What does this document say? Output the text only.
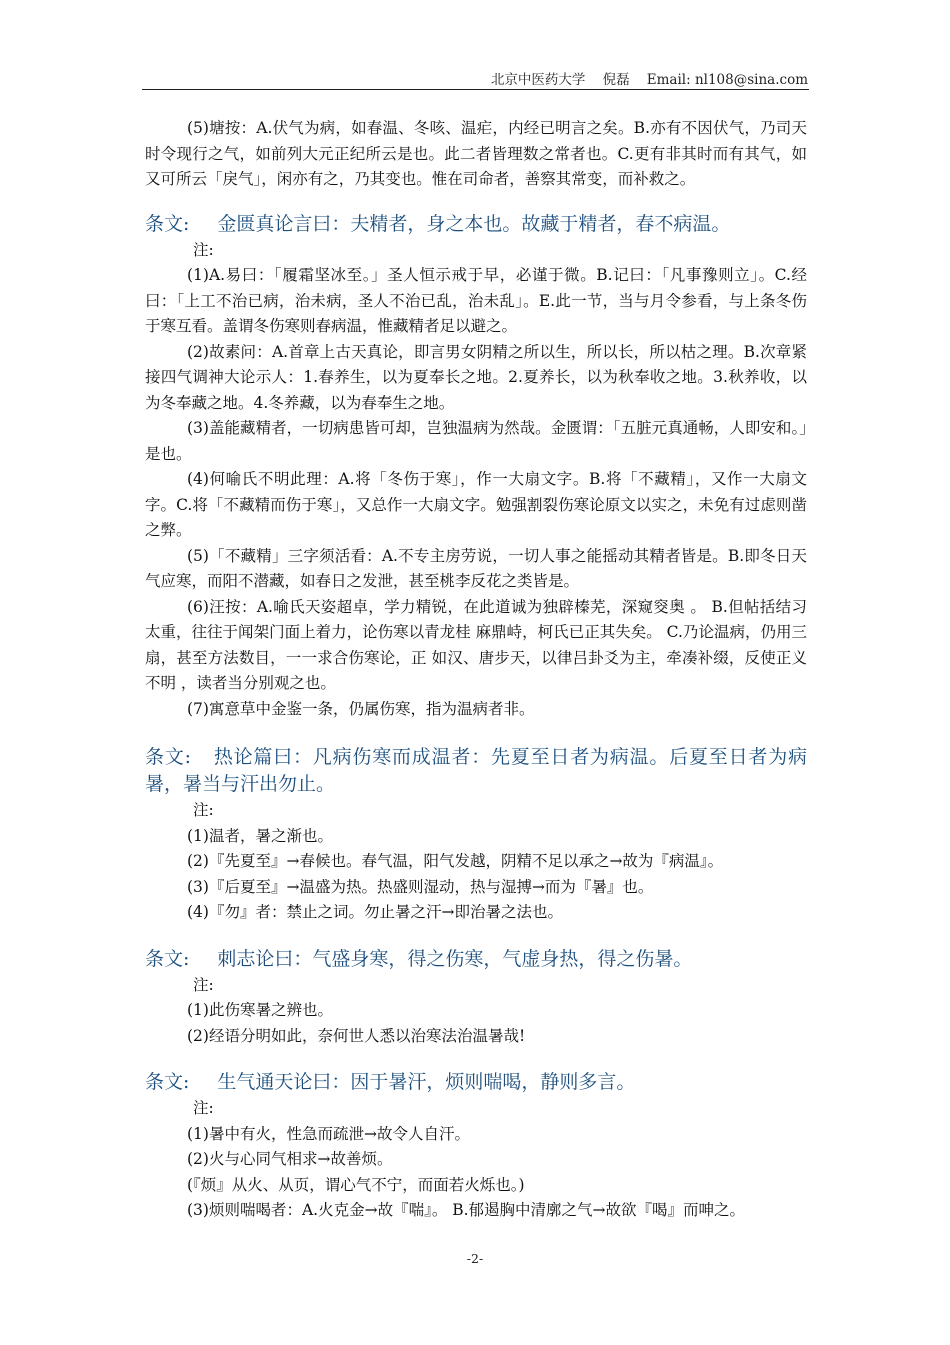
北京中医药大学    倪磊    Email: nl108@sina.com

(5)塘按：A.伏气为病，如春温、冬咳、温疟，内经已明言之矣。B.亦有不因伏气，乃司天时令现行之气，如前列大元正纪所云是也。此二者皆理数之常者也。C.更有非其时而有其气，如又可所云「戾气」，闲亦有之，乃其变也。惟在司命者，善察其常变，而补救之。

条文: 金匮真论言曰：夫精者，身之本也。故藏于精者，春不病温。

注:

(1)A.易曰：「履霜坚冰至。」圣人恒示戒于早，必谨于微。B.记曰：「凡事豫则立」。C.经曰：「上工不治已病，治未病，圣人不治已乱，治未乱」。E.此一节，当与月令参看，与上条冬伤于寒互看。盖谓冬伤寒则春病温，惟藏精者足以避之。

(2)故素问：A.首章上古天真论，即言男女阴精之所以生，所以长，所以枯之理。B.次章紧接四气调神大论示人：1.春养生，以为夏奉长之地。2.夏养长，以为秋奉收之地。3.秋养收，以为冬奉藏之地。4.冬养藏，以为春奉生之地。

(3)盖能藏精者，一切病患皆可却，岂独温病为然哉。金匮谓：「五脏元真通畅，人即安和。」是也。

(4)何喻氏不明此理：A.将「冬伤于寒」，作一大扇文字。B.将「不藏精」，又作一大扇文字。C.将「不藏精而伤于寒」，又总作一大扇文字。勉强割裂伤寒论原文以实之，未免有过虑则凿之弊。

(5)「不藏精」三字须活看：A.不专主房劳说，一切人事之能摇动其精者皆是。B.即冬日天气应寒，而阳不潜藏，如春日之发泄，甚至桃李反花之类皆是。

(6)汪按：A.喻氏天姿超卓，学力精锐，在此道诚为独辟榛芜，深窥窔奥 。 B.但帖括结习太重，往往于闻架门面上着力，论伤寒以青龙桂 麻鼎峙，柯氏已正其失矣。 C.乃论温病，仍用三扇，甚至方法数目，一一求合伤寒论，正 如汉、唐步天，以律吕卦爻为主，牵凑补缀，反使正义不明 ，读者当分别观之也。

(7)寓意草中金鉴一条，仍属伤寒，指为温病者非。

条文: 热论篇曰：凡病伤寒而成温者：先夏至日者为病温。后夏至日者为病暑，暑当与汗出勿止。

注:

(1)温者，暑之渐也。

(2)『先夏至』→春候也。春气温，阳气发越，阴精不足以承之→故为『病温』。

(3)『后夏至』→温盛为热。热盛则湿动，热与湿搏→而为『暑』也。

(4)『勿』者：禁止之词。勿止暑之汗→即治暑之法也。

条文: 刺志论曰：气盛身寒，得之伤寒，气虚身热，得之伤暑。

注:

(1)此伤寒暑之辨也。

(2)经语分明如此，奈何世人悉以治寒法治温暑哉!

条文: 生气通天论曰：因于暑汗，烦则喘喝，静则多言。

注:

(1)暑中有火，性急而疏泄→故令人自汗。

(2)火与心同气相求→故善烦。

(『烦』从火、从页，谓心气不宁，而面若火烁也。)

(3)烦则喘喝者：A.火克金→故『喘』。 B.郁遏胸中清廓之气→故欲『喝』而呻之。

-2-
